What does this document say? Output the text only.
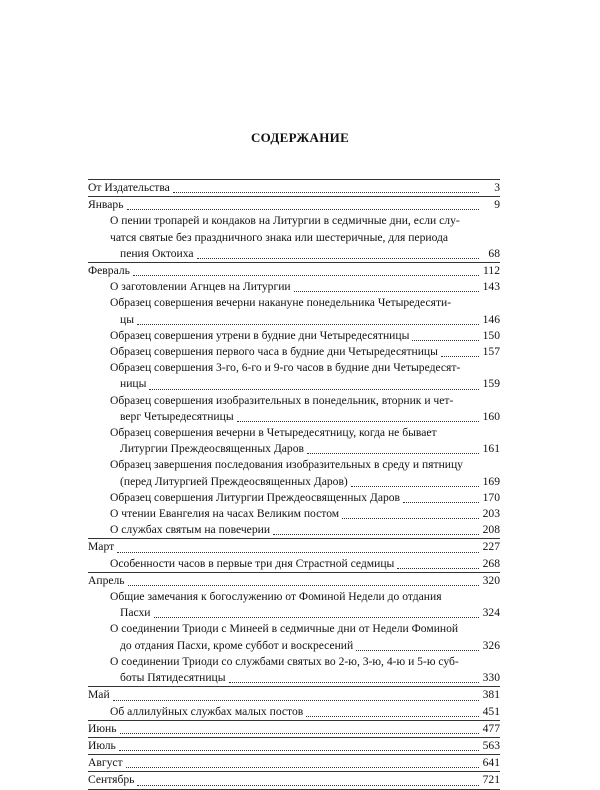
СОДЕРЖАНИЕ
От Издательства	3
Январь	9
О пении тропарей и кондаков на Литургии в седмичные дни, если слу-
чатся святые без праздничного знака или шестеричные, для периода
пения Октоиха	68
Февраль	112
О заготовлении Агнцев на Литургии	143
Образец совершения вечерни накануне понедельника Четыредесяти-
цы	146
Образец совершения утрени в будние дни Четыредесятницы	150
Образец совершения первого часа в будние дни Четыредесятницы	157
Образец совершения 3-го, 6-го и 9-го часов в будние дни Четыредесят-
ницы	159
Образец совершения изобразительных в понедельник, вторник и чет-
верг Четыредесятницы	160
Образец совершения вечерни в Четыредесятницу, когда не бывает
Литургии Преждеосвященных Даров	161
Образец завершения последования изобразительных в среду и пятницу
(перед Литургией Преждеосвященных Даров)	169
Образец совершения Литургии Преждеосвященных Даров	170
О чтении Евангелия на часах Великим постом	203
О службах святым на повечерии	208
Март	227
Особенности часов в первые три дня Страстной седмицы	268
Апрель	320
Общие замечания к богослужению от Фоминой Недели до отдания
Пасхи	324
О соединении Триоди с Минеей в седмичные дни от Недели Фоминой
до отдания Пасхи, кроме суббот и воскресений	326
О соединении Триоди со службами святых во 2-ю, 3-ю, 4-ю и 5-ю суб-
боты Пятидесятницы	330
Май	381
Об аллилуйных службах малых постов	451
Июнь	477
Июль	563
Август	641
Сентябрь	721
